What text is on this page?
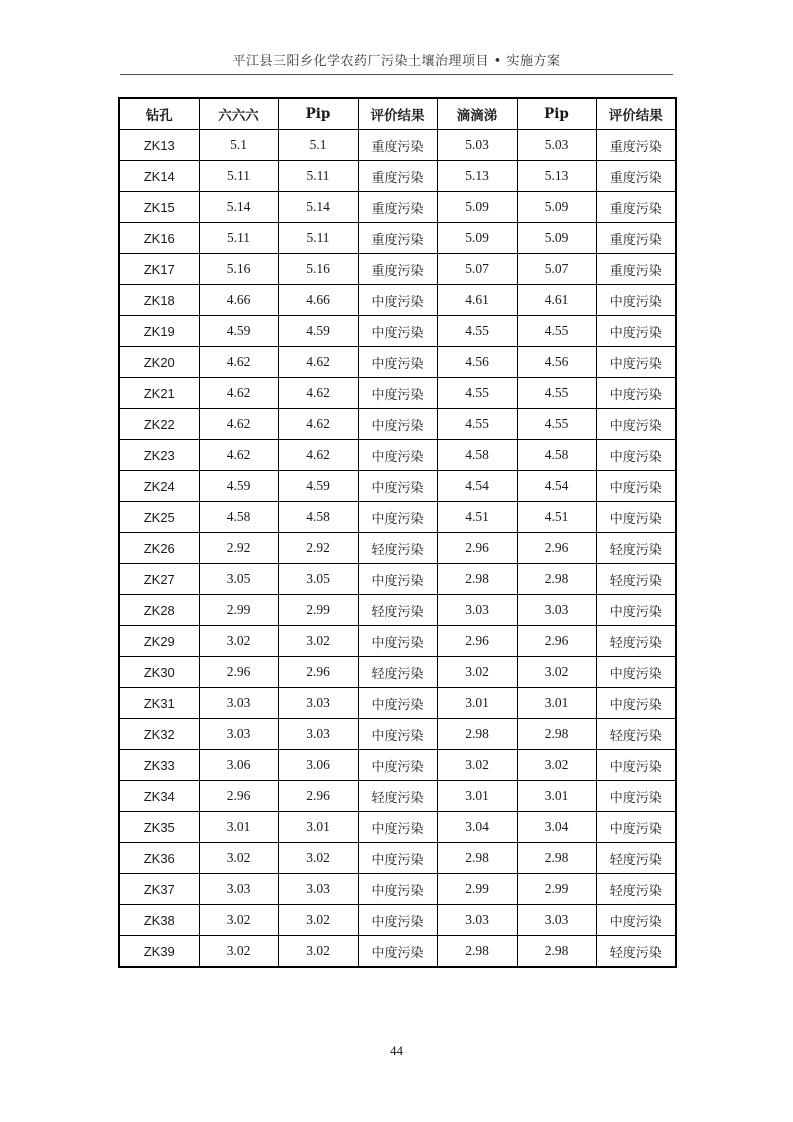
平江县三阳乡化学农药厂污染土壤治理项目 • 实施方案
钻孔	六六六	Pip	评价结果	滴滴涕	Pip	评价结果
ZK13	5.1	5.1	重度污染	5.03	5.03	重度污染
ZK14	5.11	5.11	重度污染	5.13	5.13	重度污染
ZK15	5.14	5.14	重度污染	5.09	5.09	重度污染
ZK16	5.11	5.11	重度污染	5.09	5.09	重度污染
ZK17	5.16	5.16	重度污染	5.07	5.07	重度污染
ZK18	4.66	4.66	中度污染	4.61	4.61	中度污染
ZK19	4.59	4.59	中度污染	4.55	4.55	中度污染
ZK20	4.62	4.62	中度污染	4.56	4.56	中度污染
ZK21	4.62	4.62	中度污染	4.55	4.55	中度污染
ZK22	4.62	4.62	中度污染	4.55	4.55	中度污染
ZK23	4.62	4.62	中度污染	4.58	4.58	中度污染
ZK24	4.59	4.59	中度污染	4.54	4.54	中度污染
ZK25	4.58	4.58	中度污染	4.51	4.51	中度污染
ZK26	2.92	2.92	轻度污染	2.96	2.96	轻度污染
ZK27	3.05	3.05	中度污染	2.98	2.98	轻度污染
ZK28	2.99	2.99	轻度污染	3.03	3.03	中度污染
ZK29	3.02	3.02	中度污染	2.96	2.96	轻度污染
ZK30	2.96	2.96	轻度污染	3.02	3.02	中度污染
ZK31	3.03	3.03	中度污染	3.01	3.01	中度污染
ZK32	3.03	3.03	中度污染	2.98	2.98	轻度污染
ZK33	3.06	3.06	中度污染	3.02	3.02	中度污染
ZK34	2.96	2.96	轻度污染	3.01	3.01	中度污染
ZK35	3.01	3.01	中度污染	3.04	3.04	中度污染
ZK36	3.02	3.02	中度污染	2.98	2.98	轻度污染
ZK37	3.03	3.03	中度污染	2.99	2.99	轻度污染
ZK38	3.02	3.02	中度污染	3.03	3.03	中度污染
ZK39	3.02	3.02	中度污染	2.98	2.98	轻度污染
44
